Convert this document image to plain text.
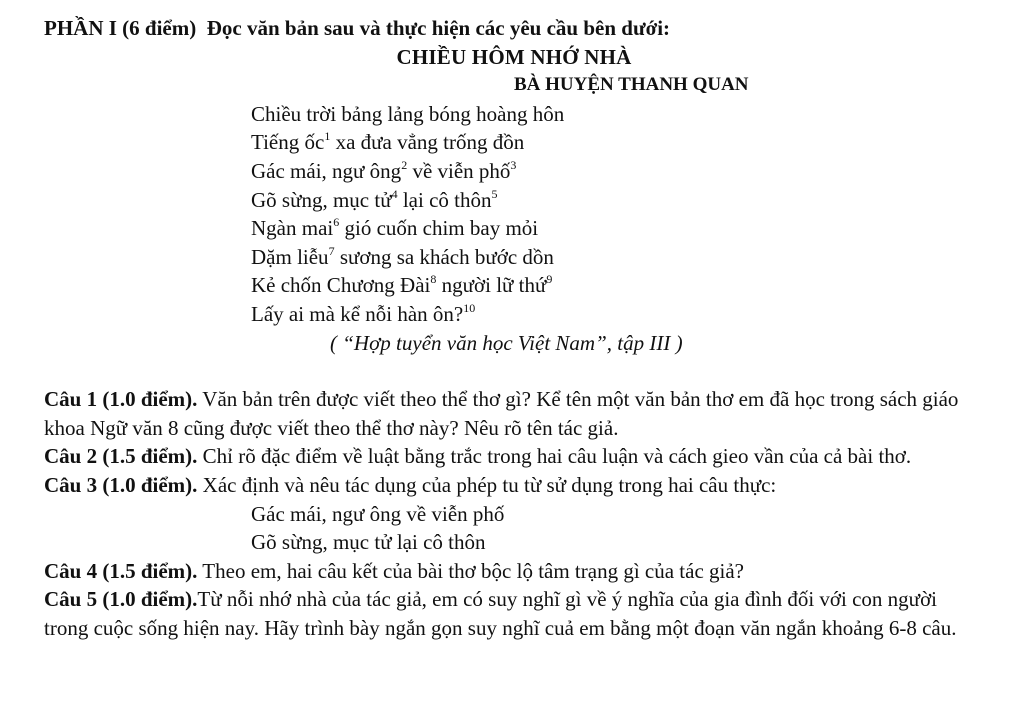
PHẦN I (6 điểm) Đọc văn bản sau và thực hiện các yêu cầu bên dưới:

CHIỀU HÔM NHỚ NHÀ

BÀ HUYỆN THANH QUAN

Chiều trời bảng lảng bóng hoàng hôn

Tiếng ốc$^1$ xa đưa vẳng trống đồn

Gác mái, ngư ông$^2$ về viễn phố$^3$

Gõ sừng, mục tử$^4$ lại cô thôn$^5$

Ngàn mai$^6$ gió cuốn chim bay mỏi

Dặm liễu$^7$ sương sa khách bước dồn

Kẻ chốn Chương Đài$^8$ người lữ thứ$^9$

Lấy ai mà kể nỗi hàn ôn?$^{10}$

( “Hợp tuyển văn học Việt Nam”, tập III )

Câu 1 (1.0 điểm). Văn bản trên được viết theo thể thơ gì? Kể tên một văn bản thơ em đã học trong sách giáo khoa Ngữ văn 8 cũng được viết theo thể thơ này? Nêu rõ tên tác giả.

Câu 2 (1.5 điểm). Chỉ rõ đặc điểm về luật bằng trắc trong hai câu luận và cách gieo vần của cả bài thơ.

Câu 3 (1.0 điểm). Xác định và nêu tác dụng của phép tu từ sử dụng trong hai câu thực:

Gác mái, ngư ông về viễn phố

Gõ sừng, mục tử lại cô thôn

Câu 4 (1.5 điểm). Theo em, hai câu kết của bài thơ bộc lộ tâm trạng gì của tác giả?

Câu 5 (1.0 điểm).Từ nỗi nhớ nhà của tác giả, em có suy nghĩ gì về ý nghĩa của gia đình đối với con người trong cuộc sống hiện nay. Hãy trình bày ngắn gọn suy nghĩ cuả em bằng một đoạn văn ngắn khoảng 6-8 câu.
